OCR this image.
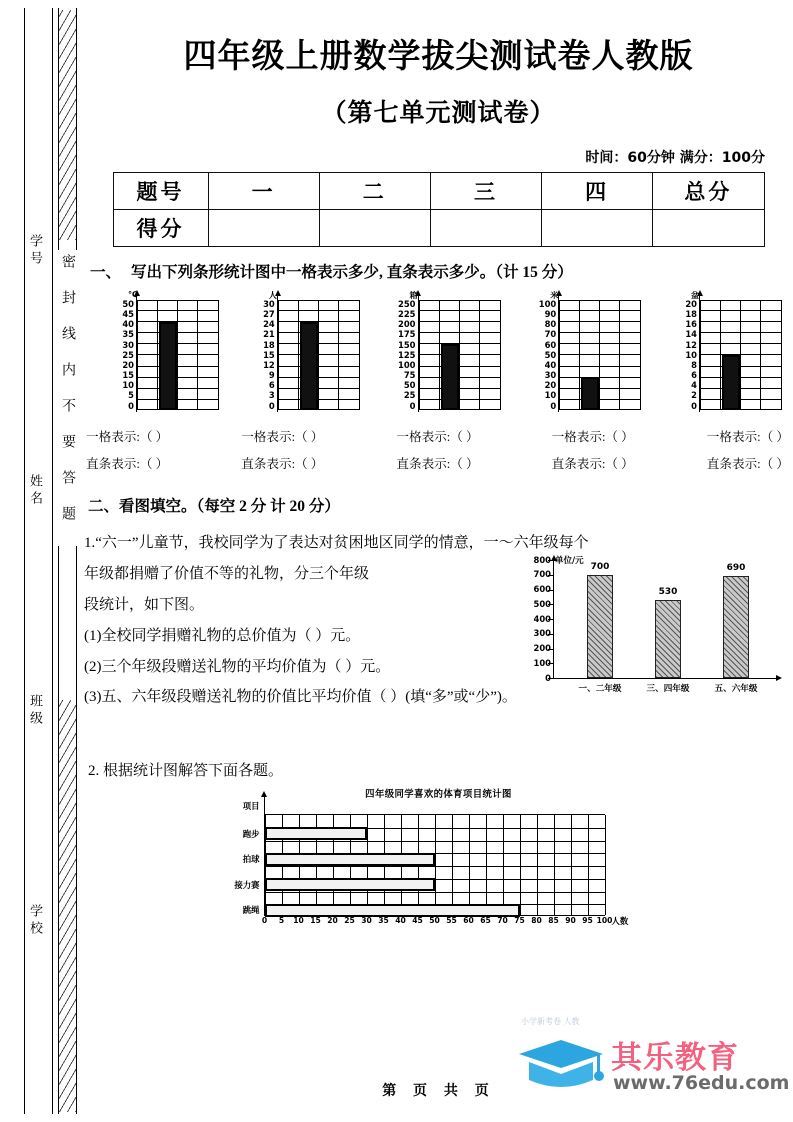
密封线内不要答题
学号
姓名
班级
学校
四年级上册数学拔尖测试卷人教版
（第七单元测试卷）
时间：60分钟 满分：100分
题号	一	二	三	四	总分
得分					
一、 写出下列条形统计图中一格表示多少, 直条表示多少。（计 15 分）
℃
50
45
40
35
30
25
20
15
10
5
0
人
30
27
24
21
18
15
12
9
6
3
0
箱
250
225
200
175
150
125
100
75
50
25
0
米
100
90
80
70
60
50
40
30
20
10
0
盆
20
18
16
14
12
10
8
6
4
2
0
一格表示:（ ）	一格表示:（ ）	一格表示:（ ）	一格表示:（ ）	一格表示:（ ）
直条表示:（ ）	直条表示:（ ）	直条表示:（ ）	直条表示:（ ）	直条表示:（ ）
二、看图填空。（每空 2 分 计 20 分）

1.“六一”儿童节，我校同学为了表达对贫困地区同学的情意，一～六年级每个

年级都捐赠了价值不等的礼物，分三个年级

段统计，如下图。

(1)全校同学捐赠礼物的总价值为（ ）元。

(2)三个年级段赠送礼物的平均价值为（ ）元。

(3)五、六年级段赠送礼物的价值比平均价值（ ）(填“多”或“少”)。

单位/元
0
100
200
300
400
500
600
700
800
700
一、二年级
530
三、四年级
690
五、六年级
2. 根据统计图解答下面各题。
四年级同学喜欢的体育项目统计图
项目
跑步
拍球
接力赛
跳绳
人数
0 5 10 15 20 25 30 35 40 45 50 55 60 65 70 75 80 85 90 95 100
第 页 共 页
小学新考卷 人教
其乐教育
www.76edu.com
